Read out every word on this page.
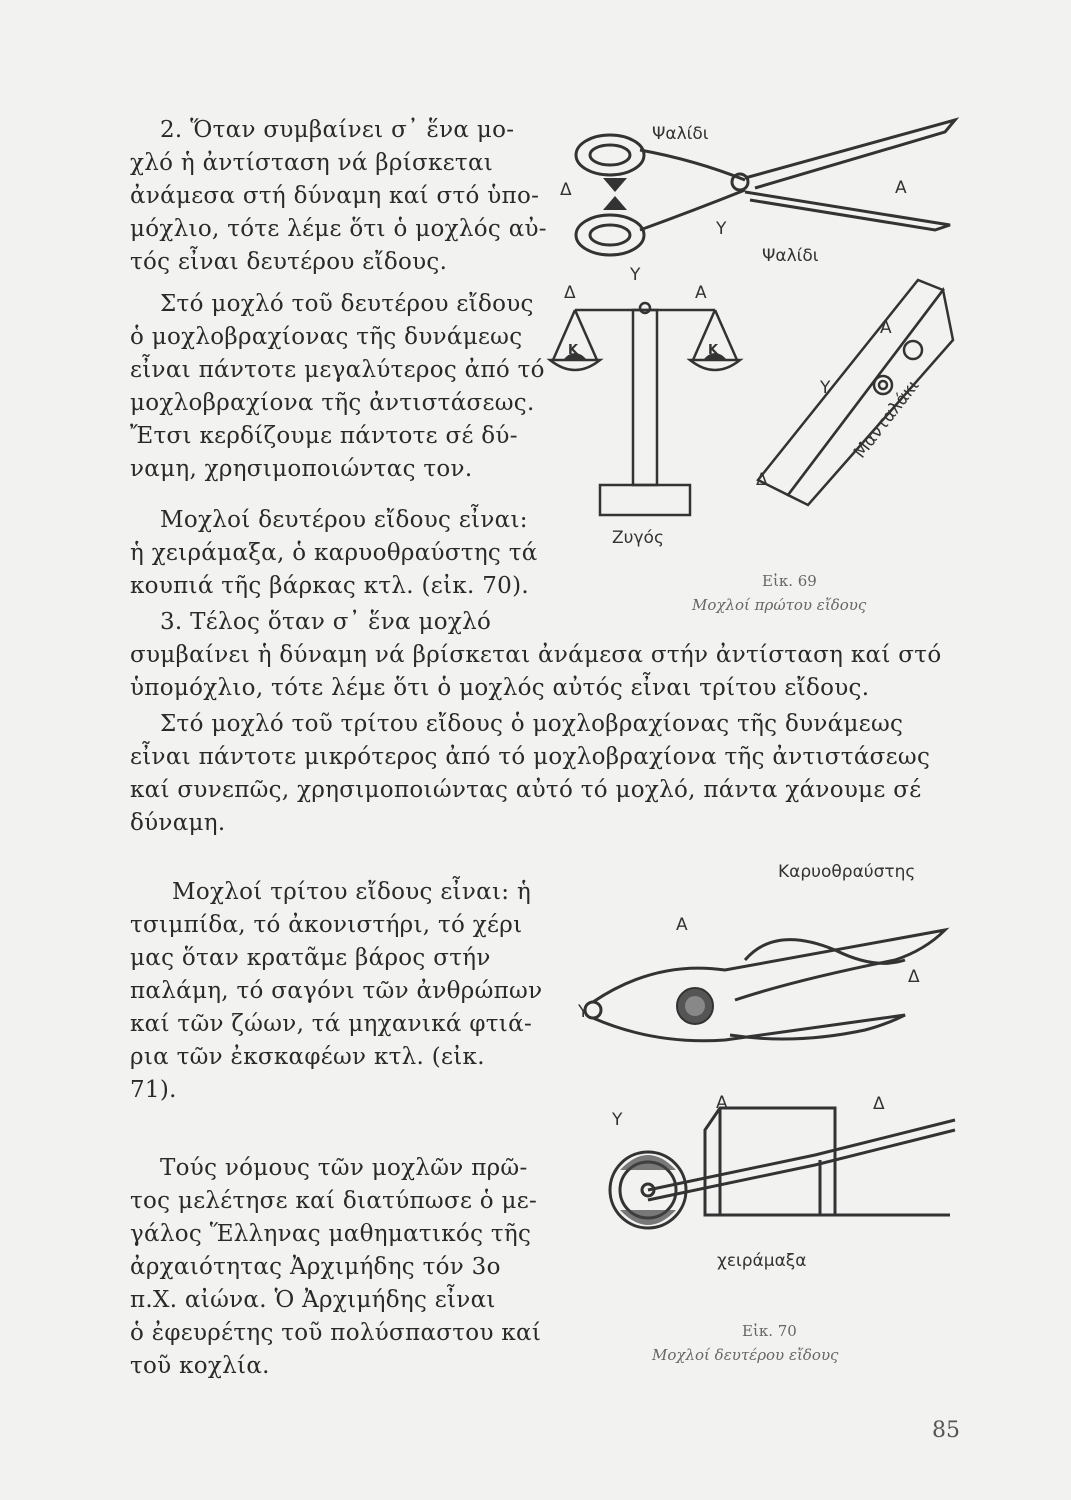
2. Ὅταν συμβαίνει σ᾿ ἕνα μο-
χλό ἡ ἀντίσταση νά βρίσκεται
ἀνάμεσα στή δύναμη καί στό ὑπο-
μόχλιο, τότε λέμε ὅτι ὁ μοχλός αὐ-
τός εἶναι δευτέρου εἴδους.
Στό μοχλό τοῦ δευτέρου εἴδους
ὁ μοχλοβραχίονας τῆς δυνάμεως
εἶναι πάντοτε μεγαλύτερος ἀπό τό
μοχλοβραχίονα τῆς ἀντιστάσεως.
Ἔτσι κερδίζουμε πάντοτε σέ δύ-
ναμη, χρησιμοποιώντας τον.
Μοχλοί δευτέρου εἴδους εἶναι:
ἡ χειράμαξα, ὁ καρυοθραύστης τά
κουπιά τῆς βάρκας κτλ. (εἰκ. 70).
3. Τέλος ὅταν σ᾿ ἕνα μοχλό
συμβαίνει ἡ δύναμη νά βρίσκεται ἀνάμεσα στήν ἀντίσταση καί στό
ὑπομόχλιο, τότε λέμε ὅτι ὁ μοχλός αὐτός εἶναι τρίτου εἴδους.
Στό μοχλό τοῦ τρίτου εἴδους ὁ μοχλοβραχίονας τῆς δυνάμεως
εἶναι πάντοτε μικρότερος ἀπό τό μοχλοβραχίονα τῆς ἀντιστάσεως
καί συνεπῶς, χρησιμοποιώντας αὐτό τό μοχλό, πάντα χάνουμε σέ
δύναμη.
Μοχλοί τρίτου εἴδους εἶναι: ἡ
τσιμπίδα, τό ἀκονιστήρι, τό χέρι
μας ὅταν κρατᾶμε βάρος στήν
παλάμη, τό σαγόνι τῶν ἀνθρώπων
καί τῶν ζώων, τά μηχανικά φτιά-
ρια τῶν ἐκσκαφέων κτλ. (εἰκ.
71).
Τούς νόμους τῶν μοχλῶν πρῶ-
τος μελέτησε καί διατύπωσε ὁ με-
γάλος Ἕλληνας μαθηματικός τῆς
ἀρχαιότητας Ἀρχιμήδης τόν 3ο
π.Χ. αἰώνα. Ὁ Ἀρχιμήδης εἶναι
ὁ ἐφευρέτης τοῦ πολύσπαστου καί
τοῦ κοχλία.
Ψαλίδι
Δ	Α
Υ
Ψαλίδι
Δ
Υ
Α
Κ	Κ
Α
Υ
Δ
Μανταλάκι
Ζυγός
Εἰκ. 69
Μοχλοί πρώτου εἴδους
Καρυοθραύστης
Α
Δ
Υ
Υ
Α	Δ
χειράμαξα
Εἰκ. 70
Μοχλοί δευτέρου εἴδους
85
